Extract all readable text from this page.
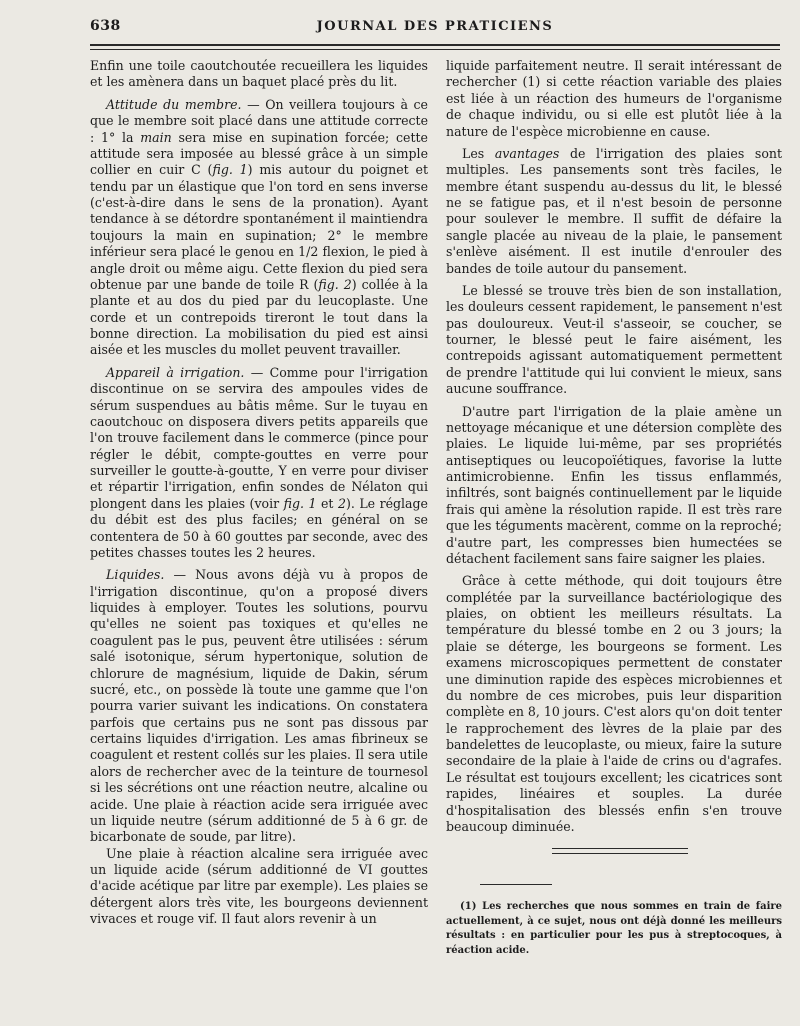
638	JOURNAL DES PRATICIENS

Enfin une toile caoutchoutée recueillera les liquides et les amènera dans un baquet placé près du lit.

Attitude du membre. — On veillera toujours à ce que le membre soit placé dans une attitude correcte : 1° la main sera mise en supination forcée; cette attitude sera imposée au blessé grâce à un simple collier en cuir C (fig. 1) mis autour du poignet et tendu par un élastique que l'on tord en sens inverse (c'est-à-dire dans le sens de la pronation). Ayant tendance à se détordre spontanément il maintiendra toujours la main en supination; 2° le membre inférieur sera placé le genou en 1/2 flexion, le pied à angle droit ou même aigu. Cette flexion du pied sera obtenue par une bande de toile R (fig. 2) collée à la plante et au dos du pied par du leucoplaste. Une corde et un contrepoids tireront le tout dans la bonne direction. La mobilisation du pied est ainsi aisée et les muscles du mollet peuvent travailler.

Appareil à irrigation. — Comme pour l'irrigation discontinue on se servira des ampoules vides de sérum suspendues au bâtis même. Sur le tuyau en caoutchouc on disposera divers petits appareils que l'on trouve facilement dans le commerce (pince pour régler le débit, compte-gouttes en verre pour surveiller le goutte-à-goutte, Y en verre pour diviser et répartir l'irrigation, enfin sondes de Nélaton qui plongent dans les plaies (voir fig. 1 et 2). Le réglage du débit est des plus faciles; en général on se contentera de 50 à 60 gouttes par seconde, avec des petites chasses toutes les 2 heures.

Liquides. — Nous avons déjà vu à propos de l'irrigation discontinue, qu'on a proposé divers liquides à employer. Toutes les solutions, pourvu qu'elles ne soient pas toxiques et qu'elles ne coagulent pas le pus, peuvent être utilisées : sérum salé isotonique, sérum hypertonique, solution de chlorure de magnésium, liquide de Dakin, sérum sucré, etc., on possède là toute une gamme que l'on pourra varier suivant les indications. On constatera parfois que certains pus ne sont pas dissous par certains liquides d'irrigation. Les amas fibrineux se coagulent et restent collés sur les plaies. Il sera utile alors de rechercher avec de la teinture de tournesol si les sécrétions ont une réaction neutre, alcaline ou acide. Une plaie à réaction acide sera irriguée avec un liquide neutre (sérum additionné de 5 à 6 gr. de bicarbonate de soude, par litre).

Une plaie à réaction alcaline sera irriguée avec un liquide acide (sérum additionné de VI gouttes d'acide acétique par litre par exemple). Les plaies se détergent alors très vite, les bourgeons deviennent vivaces et rouge vif. Il faut alors revenir à un

liquide parfaitement neutre. Il serait intéressant de rechercher (1) si cette réaction variable des plaies est liée à un réaction des humeurs de l'organisme de chaque individu, ou si elle est plutôt liée à la nature de l'espèce microbienne en cause.

Les avantages de l'irrigation des plaies sont multiples. Les pansements sont très faciles, le membre étant suspendu au-dessus du lit, le blessé ne se fatigue pas, et il n'est besoin de personne pour soulever le membre. Il suffit de défaire la sangle placée au niveau de la plaie, le pansement s'enlève aisément. Il est inutile d'enrouler des bandes de toile autour du pansement.

Le blessé se trouve très bien de son installation, les douleurs cessent rapidement, le pansement n'est pas douloureux. Veut-il s'asseoir, se coucher, se tourner, le blessé peut le faire aisément, les contrepoids agissant automatiquement permettent de prendre l'attitude qui lui convient le mieux, sans aucune souffrance.

D'autre part l'irrigation de la plaie amène un nettoyage mécanique et une détersion complète des plaies. Le liquide lui-même, par ses propriétés antiseptiques ou leucopoïétiques, favorise la lutte antimicrobienne. Enfin les tissus enflammés, infiltrés, sont baignés continuellement par le liquide frais qui amène la résolution rapide. Il est très rare que les téguments macèrent, comme on la reproché; d'autre part, les compresses bien humectées se détachent facilement sans faire saigner les plaies.

Grâce à cette méthode, qui doit toujours être complétée par la surveillance bactériologique des plaies, on obtient les meilleurs résultats. La température du blessé tombe en 2 ou 3 jours; la plaie se déterge, les bourgeons se forment. Les examens microscopiques permettent de constater une diminution rapide des espèces microbiennes et du nombre de ces microbes, puis leur disparition complète en 8, 10 jours. C'est alors qu'on doit tenter le rapprochement des lèvres de la plaie par des bandelettes de leucoplaste, ou mieux, faire la suture secondaire de la plaie à l'aide de crins ou d'agrafes. Le résultat est toujours excellent; les cicatrices sont rapides, linéaires et souples. La durée d'hospitalisation des blessés enfin s'en trouve beaucoup diminuée.

(1) Les recherches que nous sommes en train de faire actuellement, à ce sujet, nous ont déjà donné les meilleurs résultats : en particulier pour les pus à streptocoques, à réaction acide.
